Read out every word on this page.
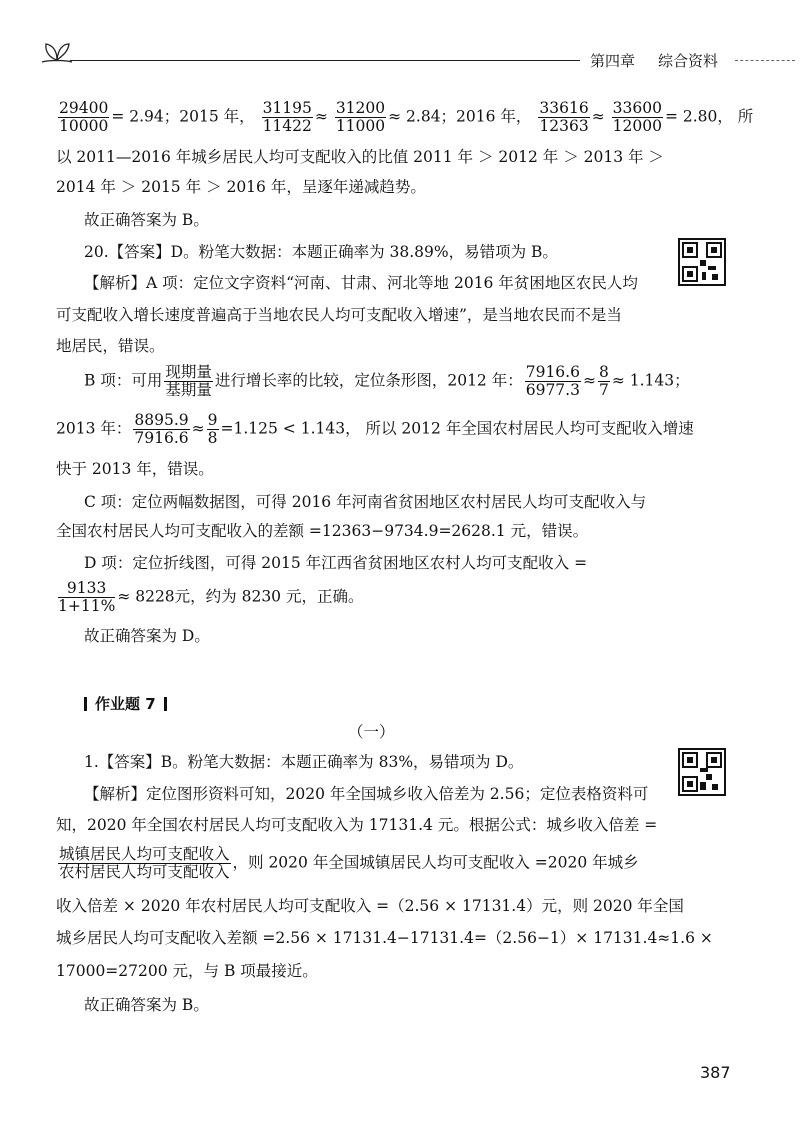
第四章 综合资料
$\frac{29400}{10000} = 2.94$；2015 年， $\frac{31195}{11422} \approx \frac{31200}{11000} \approx 2.84$；2016 年， $\frac{33616}{12363} \approx \frac{33600}{12000} = 2.80$， 所
以 2011—2016 年城乡居民人均可支配收入的比值 2011 年 ＞ 2012 年 ＞ 2013 年 ＞
2014 年 ＞ 2015 年 ＞ 2016 年，呈逐年递减趋势。
故正确答案为 B。
20.【答案】D。粉笔大数据：本题正确率为 38.89%，易错项为 B。
【解析】A 项：定位文字资料“河南、甘肃、河北等地 2016 年贫困地区农民人均
可支配收入增长速度普遍高于当地农民人均可支配收入增速”，是当地农民而不是当
地居民，错误。
B 项：可用 $\frac{\text{现期量}}{\text{基期量}}$ 进行增长率的比较，定位条形图，2012 年： $\frac{7916.6}{6977.3} \approx \frac{8}{7} \approx 1.143$；
2013 年： $\frac{8895.9}{7916.6} \approx \frac{9}{8} =1.125 < 1.143$， 所以 2012 年全国农村居民人均可支配收入增速
快于 2013 年，错误。
C 项：定位两幅数据图，可得 2016 年河南省贫困地区农村居民人均可支配收入与
全国农村居民人均可支配收入的差额 =12363−9734.9=2628.1 元，错误。
D 项：定位折线图，可得 2015 年江西省贫困地区农村人均可支配收入 =
$\frac{9133}{1+11\%} \approx 8228$元，约为 8230 元，正确。
故正确答案为 D。
作业题 7
（一）
1.【答案】B。粉笔大数据：本题正确率为 83%，易错项为 D。
【解析】定位图形资料可知，2020 年全国城乡收入倍差为 2.56；定位表格资料可
知，2020 年全国农村居民人均可支配收入为 17131.4 元。根据公式：城乡收入倍差 =
$\frac{\text{城镇居民人均可支配收入}}{\text{农村居民人均可支配收入}}$ ，则 2020 年全国城镇居民人均可支配收入 =2020 年城乡
收入倍差 × 2020 年农村居民人均可支配收入 =（2.56 × 17131.4）元，则 2020 年全国
城乡居民人均可支配收入差额 =2.56 × 17131.4−17131.4=（2.56−1）× 17131.4≈1.6 ×
17000=27200 元，与 B 项最接近。
故正确答案为 B。
387
